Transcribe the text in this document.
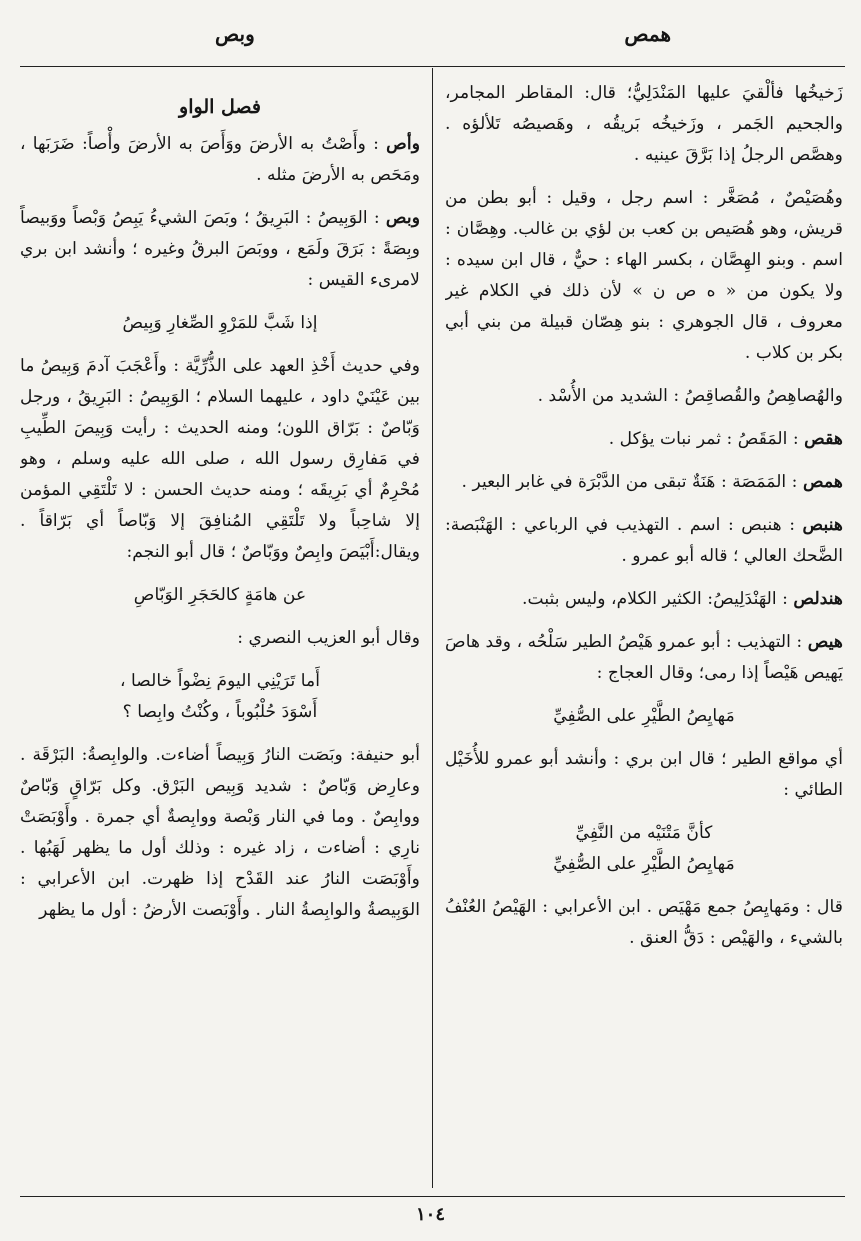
همص
وبص

زَخيخُها فألْقيَ عليها المَنْدَلِيُّ؛ قال: المقاطر المجامر، والجحيم الجَمر ، وزَخيخُه بَريقُه ، وهَصيصُه تَلألؤه . وهصَّص الرجلُ إذا بَرَّقَ عينيه .

وهُصَيْصٌ ، مُصَغَّر : اسم رجل ، وقيل : أبو بطن من قريش، وهو هُصَيص بن كعب بن لؤي بن غالب. وهِصَّان : اسم . وبنو الهِصَّان ، بكسر الهاء : حيٌّ ، قال ابن سيده : ولا يكون من « ه ص ن » لأن ذلك في الكلام غير معروف ، قال الجوهري : بنو هِصّان قبيلة من بني أبي بكر بن كلاب .

والهُصاهِصُ والقُصاقِصُ : الشديد من الأُسْد .

هقص : المَقَصُ : ثمر نبات يؤكل .

همص : المَمَصَة : هَنَةٌ تبقى من الدَّبْرَة في غابر البعير .

هنبص : هنبص : اسم . التهذيب في الرباعي : الهَنْبَصة: الضَّحك العالي ؛ قاله أبو عمرو .

هندلص : الهَنْدَلِيصُ: الكثير الكلام، وليس بثبت.

هيص : التهذيب : أبو عمرو هَيْصُ الطير سَلْحُه ، وقد هاصَ يَهيص هَيْصاً إذا رمى؛ وقال العجاج :

مَهايِصُ الطَّيْرِ على الصُّفِيِّ

أي مواقع الطير ؛ قال ابن بري : وأنشد أبو عمرو للأُخَيْل الطائي :

كأنَّ مَتْنَيْه من النَّفِيِّ
مَهايِصُ الطَّيْرِ على الصُّفِيِّ

قال : ومَهايِصُ جمع مَهْيَص . ابن الأعرابي : الهَيْصُ العُنْفُ بالشيء ، والهَيْص : دَقُّ العنق .

فصل الواو

وأص : وأَصْتُ به الأرضَ ووَأَصَ به الأرضَ وأْصاً: ضَرَبَها ، ومَحَص به الأرضَ مثله .

وبص : الوَبِيصُ : البَرِيقُ ؛ وبَصَ الشيءُ يَبِصُ وَبْصاً ووَبيصاً وبِصَةً : بَرَقَ ولَمَع ، ووبَصَ البرقُ وغيره ؛ وأنشد ابن بري لامرىء القيس :

إذا شَبَّ للمَرْوِ الصِّغارِ وَبِيصُ

وفي حديث أَخْذِ العهد على الذُّرِّيَّة : وأَعْجَبَ آدمَ وَبِيصُ ما بين عَيْنَيْ داود ، عليهما السلام ؛ الوَبِيصُ : البَرِيقُ ، ورجل وَبّاصٌ : بَرّاق اللون؛ ومنه الحديث : رأيت وَبِيصَ الطِّيبِ في مَفارِق رسول الله ، صلى الله عليه وسلم ، وهو مُحْرِمٌ أي بَرِيقَه ؛ ومنه حديث الحسن : لا تَلْتَقِي المؤمن إلا شاحِباً ولا تَلْتَقِي المُنافِقَ إلا وَبّاصاً أي بَرّاقاً . ويقال:أَبْيَصَ وابِصٌ ووَبّاصٌ ؛ قال أبو النجم:

عن هامَةٍ كالحَجَرِ الوَبّاصِ

وقال أبو العزيب النصري :

أَما تَرَيْنِي اليومَ نِضْواً خالصا ،
أَسْوَدَ حُلْبُوباً ، وكُنْتُ وابِصا ؟

أبو حنيفة: وبَصَت النارُ وَبِيصاً أضاءت. والوابِصةُ: البَرْقَة . وعارِض وَبّاصٌ : شديد وَبِيص البَرْق. وكل بَرّاقٍ وَبّاصٌ ووابِصٌ . وما في النار وَبْصة ووابِصةٌ أي جمرة . وأَوْبَصَتْ نارِي : أضاءت ، زاد غيره : وذلك أول ما يظهر لَهَبُها . وأَوْبَصَت النارُ عند القَدْح إذا ظهرت. ابن الأعرابي : الوَبِيصةُ والوابِصةُ النار . وأَوْبَصت الأرضُ : أول ما يظهر

١٠٤
